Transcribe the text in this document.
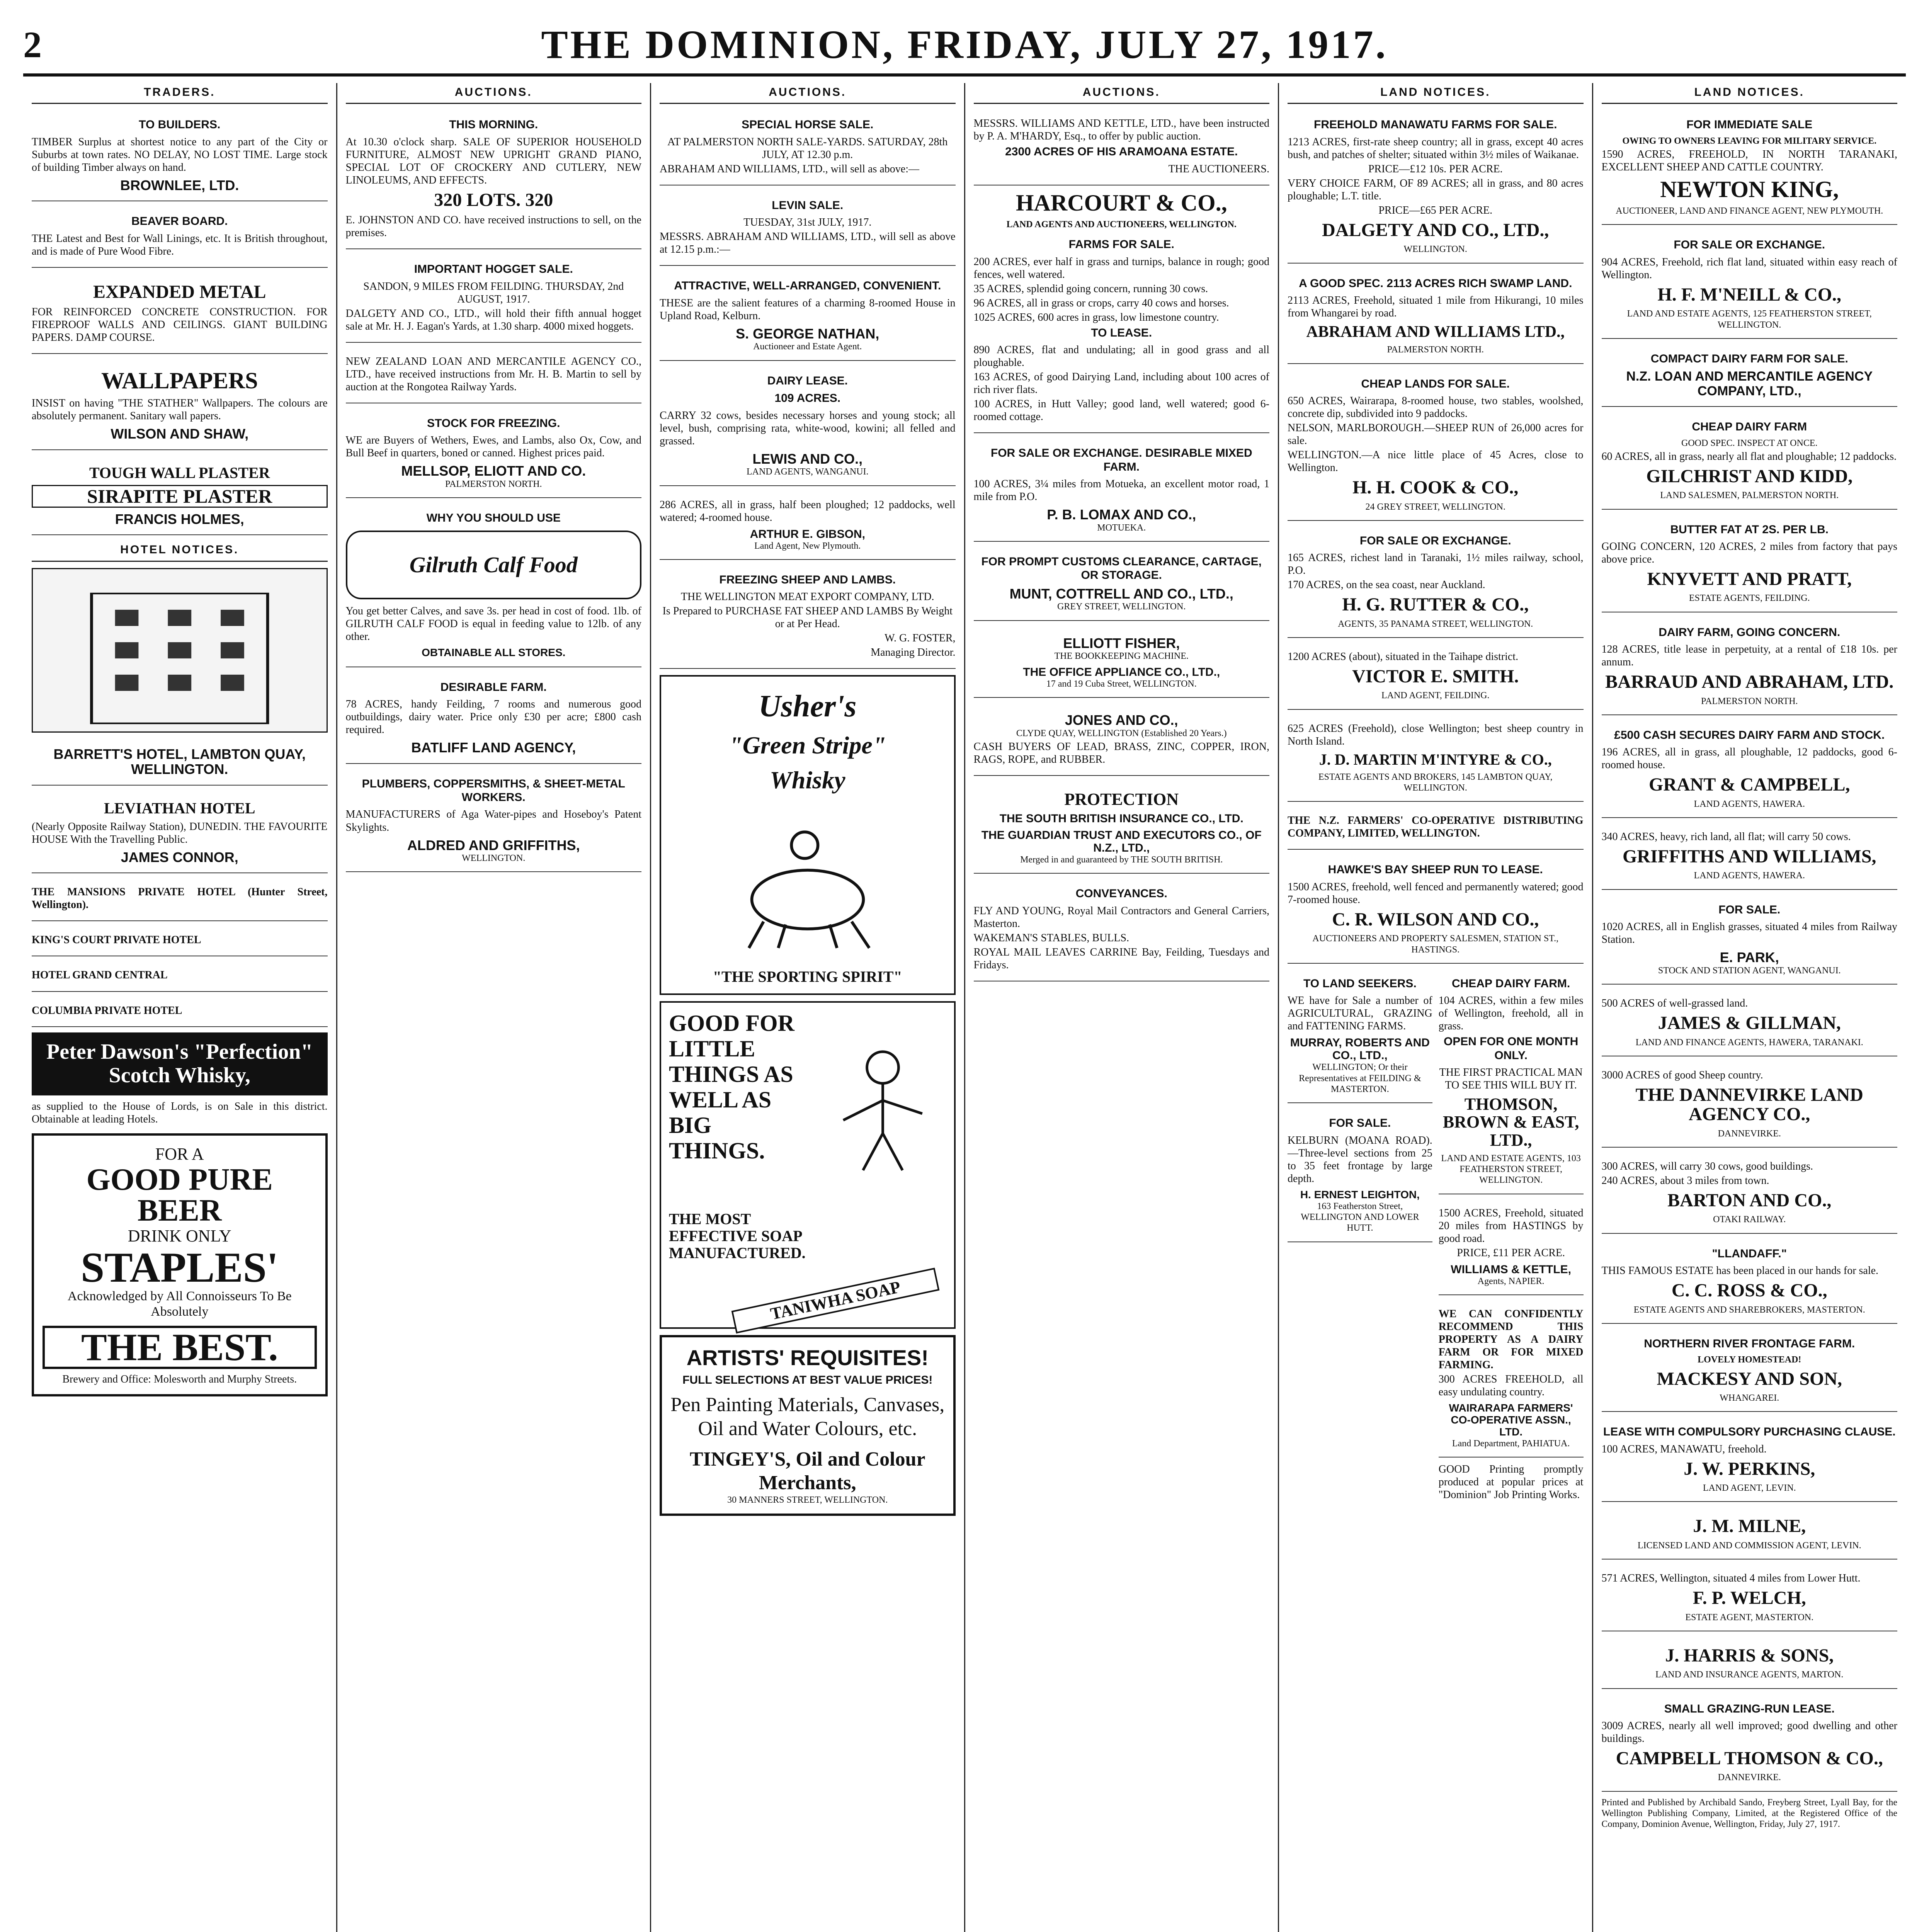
2	THE DOMINION, FRIDAY, JULY 27, 1917.
TRADERS.
TO BUILDERS.
TIMBER Surplus at shortest notice to any part of the City or Suburbs at town rates. NO DELAY, NO LOST TIME. Large stock of building Timber always on hand.
BROWNLEE, LTD.
BEAVER BOARD.
THE Latest and Best for Wall Linings, etc. It is British throughout, and is made of Pure Wood Fibre.
EXPANDED METAL
FOR REINFORCED CONCRETE CONSTRUCTION. FOR FIREPROOF WALLS AND CEILINGS. GIANT BUILDING PAPERS. DAMP COURSE.
WALLPAPERS
INSIST on having "THE STATHER" Wallpapers. The colours are absolutely permanent. Sanitary wall papers.
WILSON AND SHAW,
TOUGH WALL PLASTER
SIRAPITE PLASTER
FRANCIS HOLMES,
HOTEL NOTICES.
BARRETT'S HOTEL, LAMBTON QUAY, WELLINGTON.
LEVIATHAN HOTEL
(Nearly Opposite Railway Station), DUNEDIN. THE FAVOURITE HOUSE With the Travelling Public.
JAMES CONNOR,
THE MANSIONS PRIVATE HOTEL (Hunter Street, Wellington).
KING'S COURT PRIVATE HOTEL
HOTEL GRAND CENTRAL
COLUMBIA PRIVATE HOTEL
Peter Dawson's "Perfection" Scotch Whisky,
as supplied to the House of Lords, is on Sale in this district. Obtainable at leading Hotels.
FOR A
GOOD PURE BEER
DRINK ONLY
STAPLES'
Acknowledged by All Connoisseurs To Be Absolutely
THE BEST.
Brewery and Office: Molesworth and Murphy Streets.
AUCTIONS.
THIS MORNING.
At 10.30 o'clock sharp. SALE OF SUPERIOR HOUSEHOLD FURNITURE, ALMOST NEW UPRIGHT GRAND PIANO, SPECIAL LOT OF CROCKERY AND CUTLERY, NEW LINOLEUMS, AND EFFECTS.
320 LOTS. 320
E. JOHNSTON AND CO. have received instructions to sell, on the premises.
IMPORTANT HOGGET SALE.
SANDON, 9 MILES FROM FEILDING. THURSDAY, 2nd AUGUST, 1917.
DALGETY AND CO., LTD., will hold their fifth annual hogget sale at Mr. H. J. Eagan's Yards, at 1.30 sharp. 4000 mixed hoggets.
NEW ZEALAND LOAN AND MERCANTILE AGENCY CO., LTD., have received instructions from Mr. H. B. Martin to sell by auction at the Rongotea Railway Yards.
STOCK FOR FREEZING.
WE are Buyers of Wethers, Ewes, and Lambs, also Ox, Cow, and Bull Beef in quarters, boned or canned. Highest prices paid.
MELLSOP, ELIOTT AND CO.
PALMERSTON NORTH.
WHY YOU SHOULD USE
Gilruth Calf Food
You get better Calves, and save 3s. per head in cost of food. 1lb. of GILRUTH CALF FOOD is equal in feeding value to 12lb. of any other.
OBTAINABLE ALL STORES.
DESIRABLE FARM.
78 ACRES, handy Feilding, 7 rooms and numerous good outbuildings, dairy water. Price only £30 per acre; £800 cash required.
BATLIFF LAND AGENCY,
PLUMBERS, COPPERSMITHS, & SHEET-METAL WORKERS.
MANUFACTURERS of Aga Water-pipes and Hoseboy's Patent Skylights.
ALDRED AND GRIFFITHS,
WELLINGTON.
AUCTIONS.
SPECIAL HORSE SALE.
AT PALMERSTON NORTH SALE-YARDS. SATURDAY, 28th JULY, AT 12.30 p.m.
ABRAHAM AND WILLIAMS, LTD., will sell as above:—
LEVIN SALE.
TUESDAY, 31st JULY, 1917.
MESSRS. ABRAHAM AND WILLIAMS, LTD., will sell as above at 12.15 p.m.:—
ATTRACTIVE, WELL-ARRANGED, CONVENIENT.
THESE are the salient features of a charming 8-roomed House in Upland Road, Kelburn.
S. GEORGE NATHAN,
Auctioneer and Estate Agent.
DAIRY LEASE.
109 ACRES.
CARRY 32 cows, besides necessary horses and young stock; all level, bush, comprising rata, white-wood, kowini; all felled and grassed.
LEWIS AND CO.,
LAND AGENTS, WANGANUI.
286 ACRES, all in grass, half been ploughed; 12 paddocks, well watered; 4-roomed house.
ARTHUR E. GIBSON,
Land Agent, New Plymouth.
FREEZING SHEEP AND LAMBS.
THE WELLINGTON MEAT EXPORT COMPANY, LTD.
Is Prepared to PURCHASE FAT SHEEP AND LAMBS By Weight or at Per Head.
W. G. FOSTER,
Managing Director.
Usher's
"Green Stripe"
Whisky
"THE SPORTING SPIRIT"
GOOD FOR LITTLE THINGS AS WELL AS BIG THINGS.
THE MOST EFFECTIVE SOAP MANUFACTURED.
TANIWHA SOAP
ARTISTS' REQUISITES!
FULL SELECTIONS AT BEST VALUE PRICES!
Pen Painting Materials, Canvases, Oil and Water Colours, etc.
TINGEY'S, Oil and Colour Merchants,
30 MANNERS STREET, WELLINGTON.
AUCTIONS.
MESSRS. WILLIAMS AND KETTLE, LTD., have been instructed by P. A. M'HARDY, Esq., to offer by public auction.
2300 ACRES OF HIS ARAMOANA ESTATE.
THE AUCTIONEERS.
HARCOURT & CO.,
LAND AGENTS AND AUCTIONEERS, WELLINGTON.
FARMS FOR SALE.
200 ACRES, ever half in grass and turnips, balance in rough; good fences, well watered.
35 ACRES, splendid going concern, running 30 cows.
96 ACRES, all in grass or crops, carry 40 cows and horses.
1025 ACRES, 600 acres in grass, low limestone country.
TO LEASE.
890 ACRES, flat and undulating; all in good grass and all ploughable.
163 ACRES, of good Dairying Land, including about 100 acres of rich river flats.
100 ACRES, in Hutt Valley; good land, well watered; good 6-roomed cottage.
FOR SALE OR EXCHANGE. DESIRABLE MIXED FARM.
100 ACRES, 3¼ miles from Motueka, an excellent motor road, 1 mile from P.O.
P. B. LOMAX AND CO.,
MOTUEKA.
FOR PROMPT CUSTOMS CLEARANCE, CARTAGE, OR STORAGE.
MUNT, COTTRELL AND CO., LTD.,
GREY STREET, WELLINGTON.
ELLIOTT FISHER,
THE BOOKKEEPING MACHINE.
THE OFFICE APPLIANCE CO., LTD.,
17 and 19 Cuba Street, WELLINGTON.
JONES AND CO.,
CLYDE QUAY, WELLINGTON (Established 20 Years.)
CASH BUYERS OF LEAD, BRASS, ZINC, COPPER, IRON, RAGS, ROPE, and RUBBER.
PROTECTION
THE SOUTH BRITISH INSURANCE CO., LTD.
THE GUARDIAN TRUST AND EXECUTORS CO., OF N.Z., LTD.,
Merged in and guaranteed by THE SOUTH BRITISH.
CONVEYANCES.
FLY AND YOUNG, Royal Mail Contractors and General Carriers, Masterton.
WAKEMAN'S STABLES, BULLS.
ROYAL MAIL LEAVES CARRINE Bay, Feilding, Tuesdays and Fridays.
LAND NOTICES.
FREEHOLD MANAWATU FARMS FOR SALE.
1213 ACRES, first-rate sheep country; all in grass, except 40 acres bush, and patches of shelter; situated within 3½ miles of Waikanae.
PRICE—£12 10s. PER ACRE.
VERY CHOICE FARM, OF 89 ACRES; all in grass, and 80 acres ploughable; L.T. title.
PRICE—£65 PER ACRE.
DALGETY AND CO., LTD.,
WELLINGTON.
A GOOD SPEC. 2113 ACRES RICH SWAMP LAND.
2113 ACRES, Freehold, situated 1 mile from Hikurangi, 10 miles from Whangarei by road.
ABRAHAM AND WILLIAMS LTD.,
PALMERSTON NORTH.
CHEAP LANDS FOR SALE.
650 ACRES, Wairarapa, 8-roomed house, two stables, woolshed, concrete dip, subdivided into 9 paddocks.
NELSON, MARLBOROUGH.—SHEEP RUN of 26,000 acres for sale.
WELLINGTON.—A nice little place of 45 Acres, close to Wellington.
H. H. COOK & CO.,
24 GREY STREET, WELLINGTON.
FOR SALE OR EXCHANGE.
165 ACRES, richest land in Taranaki, 1½ miles railway, school, P.O.
170 ACRES, on the sea coast, near Auckland.
H. G. RUTTER & CO.,
AGENTS, 35 PANAMA STREET, WELLINGTON.
1200 ACRES (about), situated in the Taihape district.
VICTOR E. SMITH.
LAND AGENT, FEILDING.
625 ACRES (Freehold), close Wellington; best sheep country in North Island.
J. D. MARTIN M'INTYRE & CO.,
ESTATE AGENTS AND BROKERS, 145 LAMBTON QUAY, WELLINGTON.
THE N.Z. FARMERS' CO-OPERATIVE DISTRIBUTING COMPANY, LIMITED, WELLINGTON.
HAWKE'S BAY SHEEP RUN TO LEASE.
1500 ACRES, freehold, well fenced and permanently watered; good 7-roomed house.
C. R. WILSON AND CO.,
AUCTIONEERS AND PROPERTY SALESMEN, STATION ST., HASTINGS.
TO LAND SEEKERS.
WE have for Sale a number of AGRICULTURAL, GRAZING and FATTENING FARMS.
MURRAY, ROBERTS AND CO., LTD.,
WELLINGTON; Or their Representatives at FEILDING & MASTERTON.
FOR SALE.
KELBURN (MOANA ROAD).—Three-level sections from 25 to 35 feet frontage by large depth.
H. ERNEST LEIGHTON,
163 Featherston Street, WELLINGTON AND LOWER HUTT.
CHEAP DAIRY FARM.
104 ACRES, within a few miles of Wellington, freehold, all in grass.
OPEN FOR ONE MONTH ONLY.
THE FIRST PRACTICAL MAN TO SEE THIS WILL BUY IT.
THOMSON, BROWN & EAST, LTD.,
LAND AND ESTATE AGENTS, 103 FEATHERSTON STREET, WELLINGTON.
1500 ACRES, Freehold, situated 20 miles from HASTINGS by good road.
PRICE, £11 PER ACRE.
WILLIAMS & KETTLE,
Agents, NAPIER.
WE CAN CONFIDENTLY RECOMMEND THIS PROPERTY AS A DAIRY FARM OR FOR MIXED FARMING.
300 ACRES FREEHOLD, all easy undulating country.
WAIRARAPA FARMERS' CO-OPERATIVE ASSN., LTD.
Land Department, PAHIATUA.
GOOD Printing promptly produced at popular prices at "Dominion" Job Printing Works.
LAND NOTICES.
FOR IMMEDIATE SALE
OWING TO OWNERS LEAVING FOR MILITARY SERVICE.
1590 ACRES, FREEHOLD, IN NORTH TARANAKI, EXCELLENT SHEEP AND CATTLE COUNTRY.
NEWTON KING,
AUCTIONEER, LAND AND FINANCE AGENT, NEW PLYMOUTH.
FOR SALE OR EXCHANGE.
904 ACRES, Freehold, rich flat land, situated within easy reach of Wellington.
H. F. M'NEILL & CO.,
LAND AND ESTATE AGENTS, 125 FEATHERSTON STREET, WELLINGTON.
COMPACT DAIRY FARM FOR SALE.
N.Z. LOAN AND MERCANTILE AGENCY COMPANY, LTD.,
CHEAP DAIRY FARM
GOOD SPEC. INSPECT AT ONCE.
60 ACRES, all in grass, nearly all flat and ploughable; 12 paddocks.
GILCHRIST AND KIDD,
LAND SALESMEN, PALMERSTON NORTH.
BUTTER FAT AT 2S. PER LB.
GOING CONCERN, 120 ACRES, 2 miles from factory that pays above price.
KNYVETT AND PRATT,
ESTATE AGENTS, FEILDING.
DAIRY FARM, GOING CONCERN.
128 ACRES, title lease in perpetuity, at a rental of £18 10s. per annum.
BARRAUD AND ABRAHAM, LTD.
PALMERSTON NORTH.
£500 CASH SECURES DAIRY FARM AND STOCK.
196 ACRES, all in grass, all ploughable, 12 paddocks, good 6-roomed house.
GRANT & CAMPBELL,
LAND AGENTS, HAWERA.
340 ACRES, heavy, rich land, all flat; will carry 50 cows.
GRIFFITHS AND WILLIAMS,
LAND AGENTS, HAWERA.
FOR SALE.
1020 ACRES, all in English grasses, situated 4 miles from Railway Station.
E. PARK,
STOCK AND STATION AGENT, WANGANUI.
500 ACRES of well-grassed land.
JAMES & GILLMAN,
LAND AND FINANCE AGENTS, HAWERA, TARANAKI.
3000 ACRES of good Sheep country.
THE DANNEVIRKE LAND AGENCY CO.,
DANNEVIRKE.
300 ACRES, will carry 30 cows, good buildings.
240 ACRES, about 3 miles from town.
BARTON AND CO.,
OTAKI RAILWAY.
"LLANDAFF."
THIS FAMOUS ESTATE has been placed in our hands for sale.
C. C. ROSS & CO.,
ESTATE AGENTS AND SHAREBROKERS, MASTERTON.
NORTHERN RIVER FRONTAGE FARM.
LOVELY HOMESTEAD!
MACKESY AND SON,
WHANGAREI.
LEASE WITH COMPULSORY PURCHASING CLAUSE.
100 ACRES, MANAWATU, freehold.
J. W. PERKINS,
LAND AGENT, LEVIN.
J. M. MILNE,
LICENSED LAND AND COMMISSION AGENT, LEVIN.
571 ACRES, Wellington, situated 4 miles from Lower Hutt.
F. P. WELCH,
ESTATE AGENT, MASTERTON.
J. HARRIS & SONS,
LAND AND INSURANCE AGENTS, MARTON.
SMALL GRAZING-RUN LEASE.
3009 ACRES, nearly all well improved; good dwelling and other buildings.
CAMPBELL THOMSON & CO.,
DANNEVIRKE.
Printed and Published by Archibald Sando, Freyberg Street, Lyall Bay, for the Wellington Publishing Company, Limited, at the Registered Office of the Company, Dominion Avenue, Wellington, Friday, July 27, 1917.
